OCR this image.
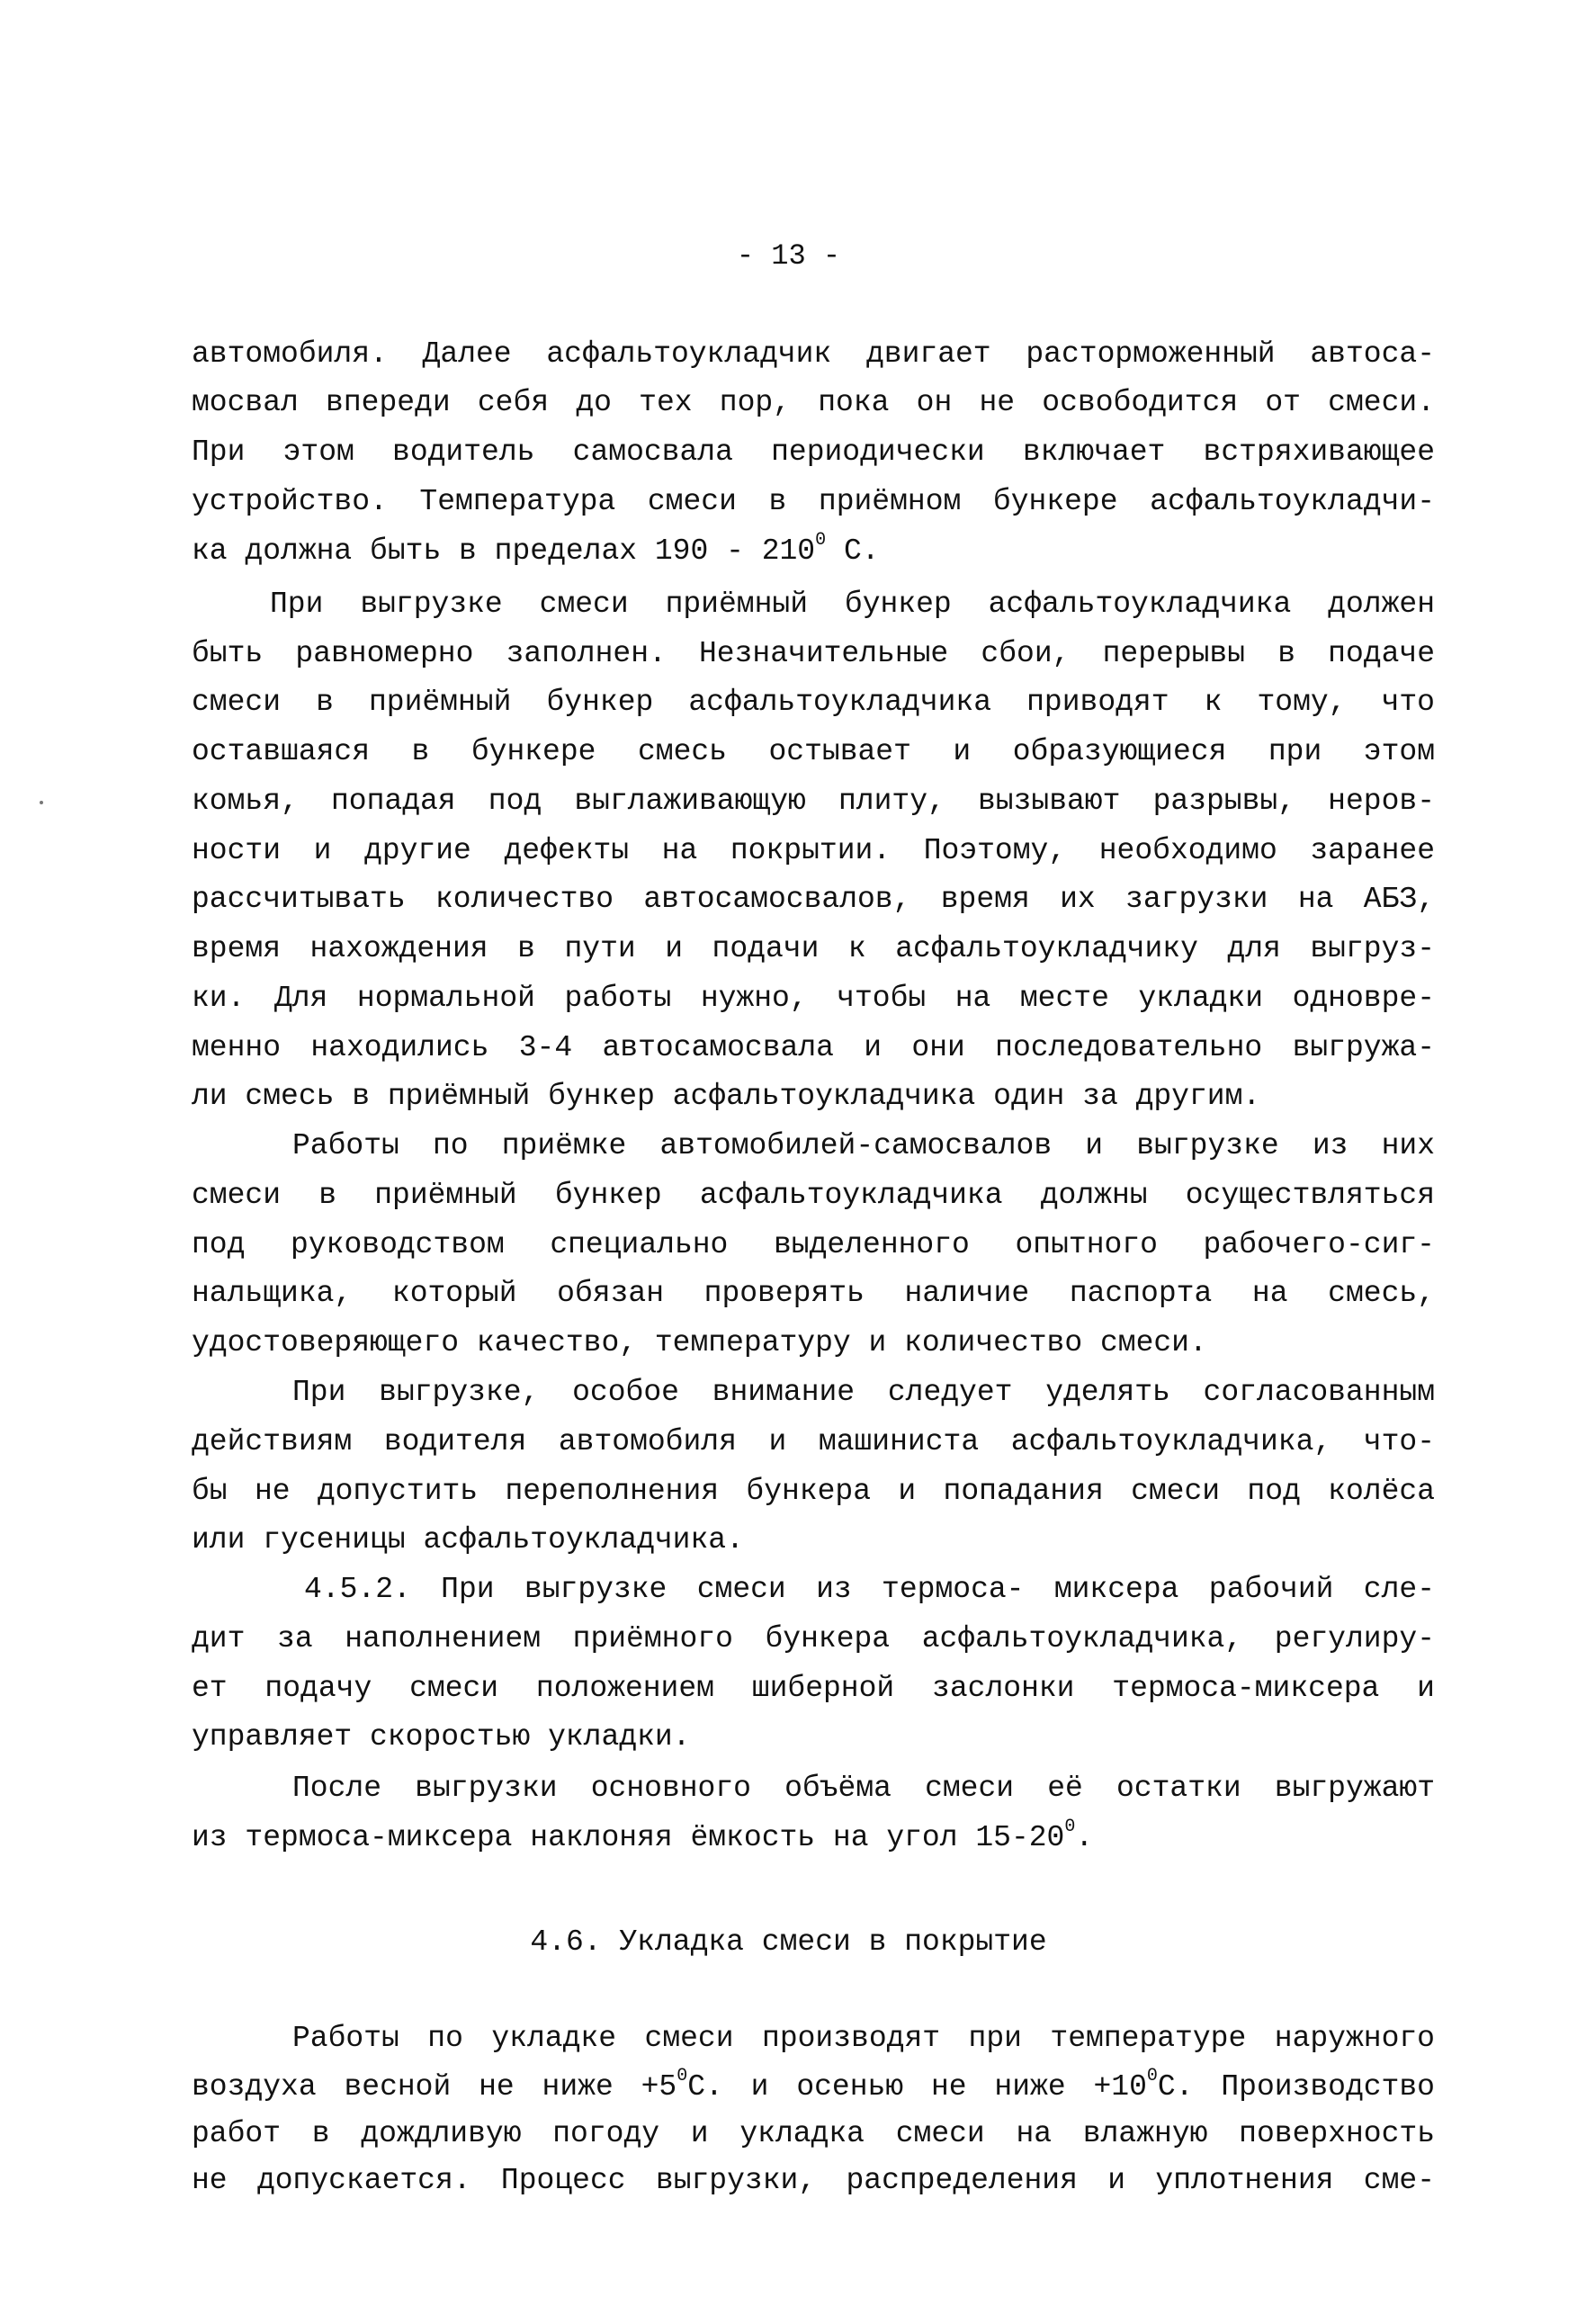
- 13 -
автомобиля. Далее асфальтоукладчик двигает расторможенный автоса-
мосвал впереди себя до тех пор, пока он не освободится от смеси.
При этом водитель самосвала периодически включает встряхивающее
устройство. Температура смеси в приёмном бункере асфальтоукладчи-
ка должна быть в пределах $190 - 210^0$ С.
При выгрузке смеси приёмный бункер асфальтоукладчика должен
быть равномерно заполнен. Незначительные сбои, перерывы в подаче
смеси в приёмный бункер асфальтоукладчика приводят к тому, что
оставшаяся в бункере смесь остывает и образующиеся при этом
комья, попадая под выглаживающую плиту, вызывают разрывы, неров-
ности и другие дефекты на покрытии. Поэтому, необходимо заранее
рассчитывать количество автосамосвалов, время их загрузки на АБЗ,
время нахождения в пути и подачи к асфальтоукладчику для выгруз-
ки. Для нормальной работы нужно, чтобы на месте укладки одновре-
менно находились 3-4 автосамосвала и они последовательно выгружа-
ли смесь в приёмный бункер асфальтоукладчика один за другим.
Работы по приёмке автомобилей-самосвалов и выгрузке из них
смеси в приёмный бункер асфальтоукладчика должны осуществляться
под руководством специально выделенного опытного рабочего-сиг-
нальщика, который обязан проверять наличие паспорта на смесь,
удостоверяющего качество, температуру и количество смеси.
При выгрузке, особое внимание следует уделять согласованным
действиям водителя автомобиля и машиниста асфальтоукладчика, что-
бы не допустить переполнения бункера и попадания смеси под колёса
или гусеницы асфальтоукладчика.
4.5.2. При выгрузке смеси из термоса- миксера рабочий сле-
дит за наполнением приёмного бункера асфальтоукладчика, регулиру-
ет подачу смеси положением шиберной заслонки термоса-миксера и
управляет скоростью укладки.
После выгрузки основного объёма смеси её остатки выгружают
из термоса-миксера наклоняя ёмкость на угол $15-20^0$.
4.6. Укладка смеси в покрытие
Работы по укладке смеси производят при температуре наружного
воздуха весной не ниже $+5^0С$. и осенью не ниже $+10^0С$. Производство
работ в дождливую погоду и укладка смеси на влажную поверхность
не допускается. Процесс выгрузки, распределения и уплотнения сме-
